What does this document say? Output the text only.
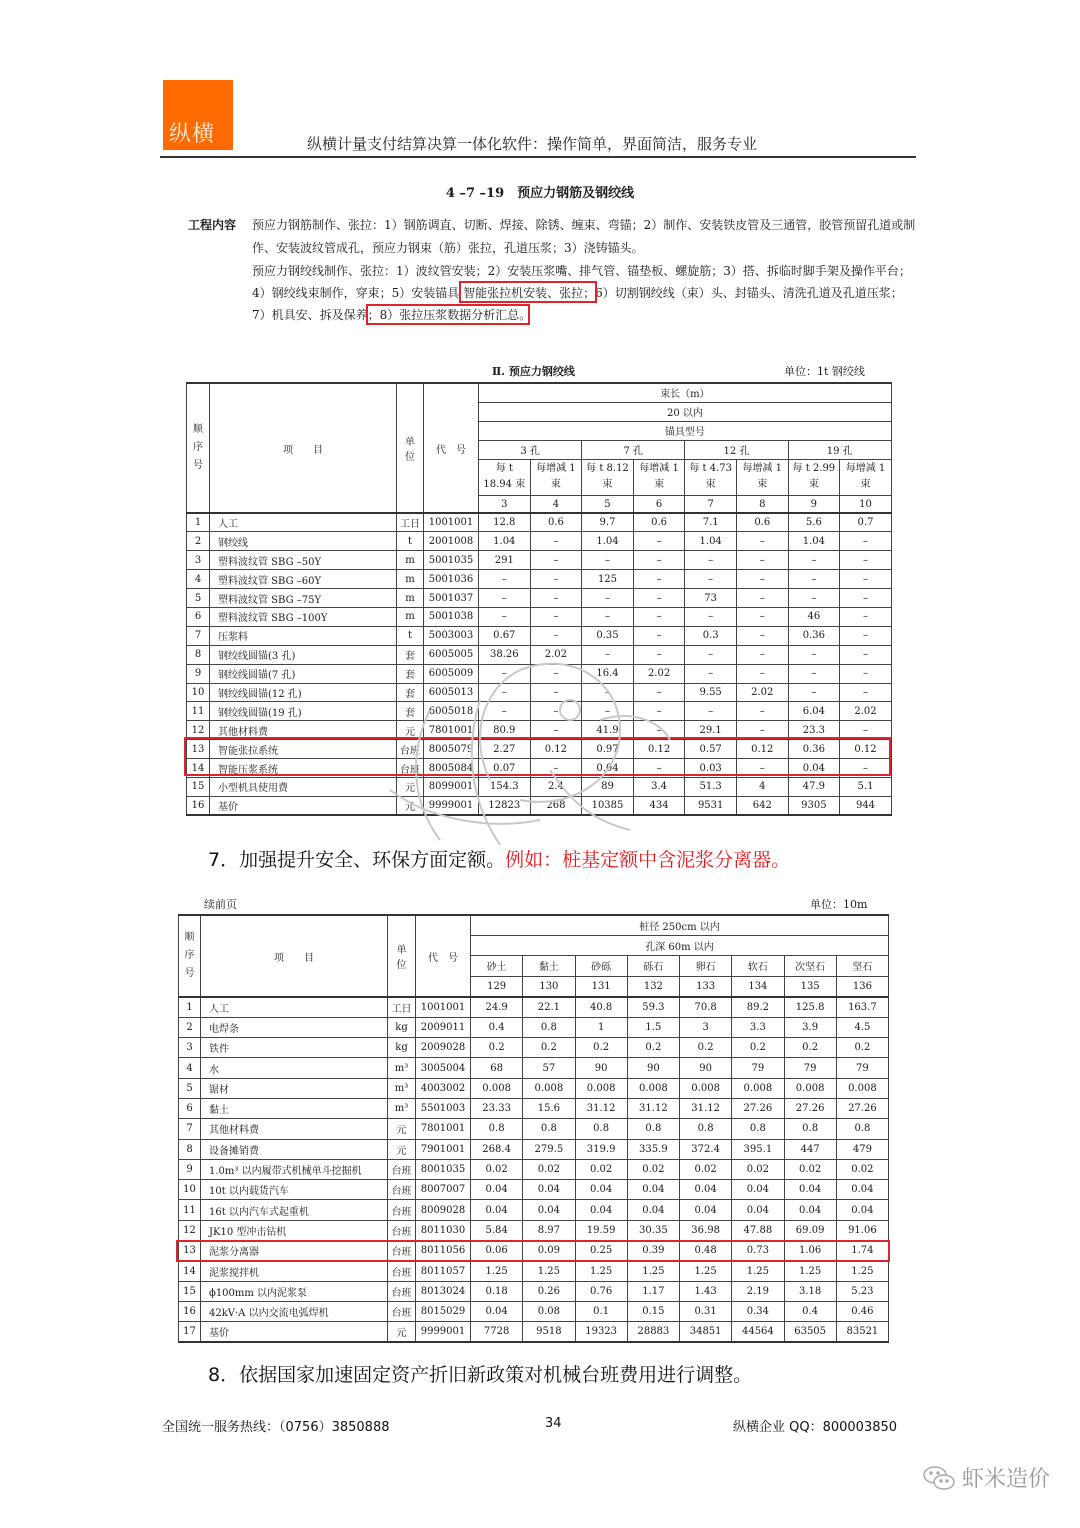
纵横	纵横计量支付结算决算一体化软件：操作简单，界面简洁，服务专业
4 –7 –19　预应力钢筋及钢绞线
工程内容 预应力钢筋制作、张拉：1）钢筋调直、切断、焊接、除锈、缠束、弯锚；2）制作、安装铁皮管及三通管，胶管预留孔道或制
作、安装波纹管成孔，预应力钢束（筋）张拉，孔道压浆；3）浇铸锚头。
预应力钢绞线制作、张拉：1）波纹管安装；2）安装压浆嘴、排气管、锚垫板、螺旋筋；3）搭、拆临时脚手架及操作平台；
4）钢绞线束制作，穿束；5）安装锚具 智能张拉机安装、张拉；6）切割钢绞线（束）头、封锚头、清洗孔道及孔道压浆；
7）机具安、拆及保养；8）张拉压浆数据分析汇总。
Ⅱ. 预应力钢绞线	单位：1t 钢绞线
顺序号	项　　目	单位	代　号	束长（m）							
				20 以内							
				锚具型号							
				3 孔		7 孔		12 孔		19 孔	
				每 t 18.94 束	每增减 1 束	每 t 8.12 束	每增减 1 束	每 t 4.73 束	每增减 1 束	每 t 2.99 束	每增减 1 束
				3	4	5	6	7	8	9	10

1	人工	工日	1001001	12.8	0.6	9.7	0.6	7.1	0.6	5.6	0.7
2	钢绞线	t	2001008	1.04	–	1.04	–	1.04	–	1.04	–
3	塑料波纹管 SBG –50Y	m	5001035	291	–	–	–	–	–	–	–
4	塑料波纹管 SBG –60Y	m	5001036	–	–	125	–	–	–	–	–
5	塑料波纹管 SBG –75Y	m	5001037	–	–	–	–	73	–	–	–
6	塑料波纹管 SBG –100Y	m	5001038	–	–	–	–	–	–	46	–
7	压浆料	t	5003003	0.67	–	0.35	–	0.3	–	0.36	–
8	钢绞线圆锚(3 孔)	套	6005005	38.26	2.02	–	–	–	–	–	–
9	钢绞线圆锚(7 孔)	套	6005009	–	–	16.4	2.02	–	–	–	–
10	钢绞线圆锚(12 孔)	套	6005013	–	–	–	–	9.55	2.02	–	–
11	钢绞线圆锚(19 孔)	套	6005018	–	–	–	–	–	–	6.04	2.02
12	其他材料费	元	7801001	80.9	–	41.9	–	29.1	–	23.3	–
13	智能张拉系统	台班	8005079	2.27	0.12	0.97	0.12	0.57	0.12	0.36	0.12
14	智能压浆系统	台班	8005084	0.07	–	0.04	–	0.03	–	0.04	–
15	小型机具使用费	元	8099001	154.3	2.4	89	3.4	51.3	4	47.9	5.1
16	基价	元	9999001	12823	268	10385	434	9531	642	9305	944
7．加强提升安全、环保方面定额。例如：桩基定额中含泥浆分离器。
续前页	单位：10m
顺序号	项　　目	单位	代　号	桩径 250cm 以内							
				孔深 60m 以内							
				砂土	黏土	砂砾	砾石	卵石	软石	次坚石	坚石
				129	130	131	132	133	134	135	136
1	人工	工日	1001001	24.9	22.1	40.8	59.3	70.8	89.2	125.8	163.7
2	电焊条	kg	2009011	0.4	0.8	1	1.5	3	3.3	3.9	4.5
3	铁件	kg	2009028	0.2	0.2	0.2	0.2	0.2	0.2	0.2	0.2
4	水	m³	3005004	68	57	90	90	90	79	79	79
5	锯材	m³	4003002	0.008	0.008	0.008	0.008	0.008	0.008	0.008	0.008
6	黏土	m³	5501003	23.33	15.6	31.12	31.12	31.12	27.26	27.26	27.26
7	其他材料费	元	7801001	0.8	0.8	0.8	0.8	0.8	0.8	0.8	0.8
8	设备摊销费	元	7901001	268.4	279.5	319.9	335.9	372.4	395.1	447	479
9	1.0m³ 以内履带式机械单斗挖掘机	台班	8001035	0.02	0.02	0.02	0.02	0.02	0.02	0.02	0.02
10	10t 以内载货汽车	台班	8007007	0.04	0.04	0.04	0.04	0.04	0.04	0.04	0.04
11	16t 以内汽车式起重机	台班	8009028	0.04	0.04	0.04	0.04	0.04	0.04	0.04	0.04
12	JK10 型冲击钻机	台班	8011030	5.84	8.97	19.59	30.35	36.98	47.88	69.09	91.06
13	泥浆分离器	台班	8011056	0.06	0.09	0.25	0.39	0.48	0.73	1.06	1.74
14	泥浆搅拌机	台班	8011057	1.25	1.25	1.25	1.25	1.25	1.25	1.25	1.25
15	ϕ100mm 以内泥浆泵	台班	8013024	0.18	0.26	0.76	1.17	1.43	2.19	3.18	5.23
16	42kV·A 以内交流电弧焊机	台班	8015029	0.04	0.08	0.1	0.15	0.31	0.34	0.4	0.46
17	基价	元	9999001	7728	9518	19323	28883	34851	44564	63505	83521
8．依据国家加速固定资产折旧新政策对机械台班费用进行调整。
全国统一服务热线：（0756）3850888	34	纵横企业 QQ：800003850
虾米造价
